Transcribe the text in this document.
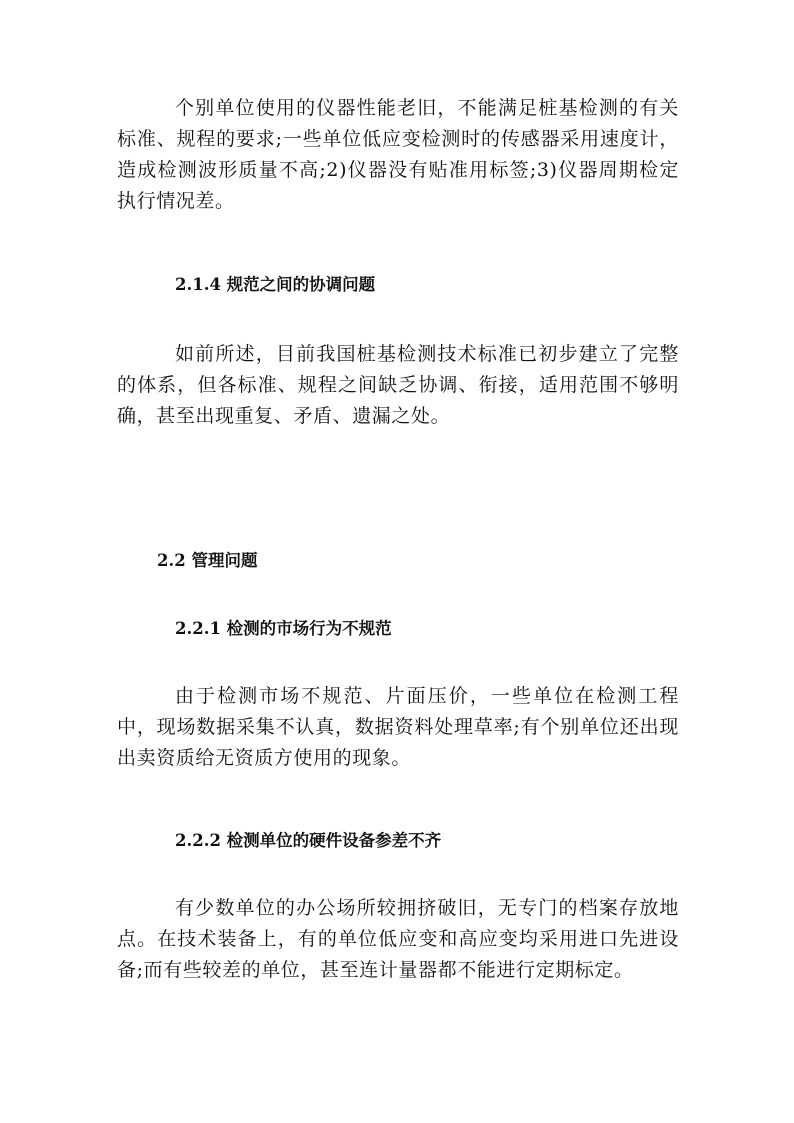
个别单位使用的仪器性能老旧，不能满足桩基检测的有关标准、规程的要求;一些单位低应变检测时的传感器采用速度计，造成检测波形质量不高;2)仪器没有贴准用标签;3)仪器周期检定执行情况差。

2.1.4 规范之间的协调问题

如前所述，目前我国桩基检测技术标准已初步建立了完整的体系，但各标准、规程之间缺乏协调、衔接，适用范围不够明确，甚至出现重复、矛盾、遗漏之处。

2.2 管理问题
2.2.1 检测的市场行为不规范

由于检测市场不规范、片面压价，一些单位在检测工程中，现场数据采集不认真，数据资料处理草率;有个别单位还出现出卖资质给无资质方使用的现象。

2.2.2 检测单位的硬件设备参差不齐

有少数单位的办公场所较拥挤破旧，无专门的档案存放地点。在技术装备上，有的单位低应变和高应变均采用进口先进设备;而有些较差的单位，甚至连计量器都不能进行定期标定。
